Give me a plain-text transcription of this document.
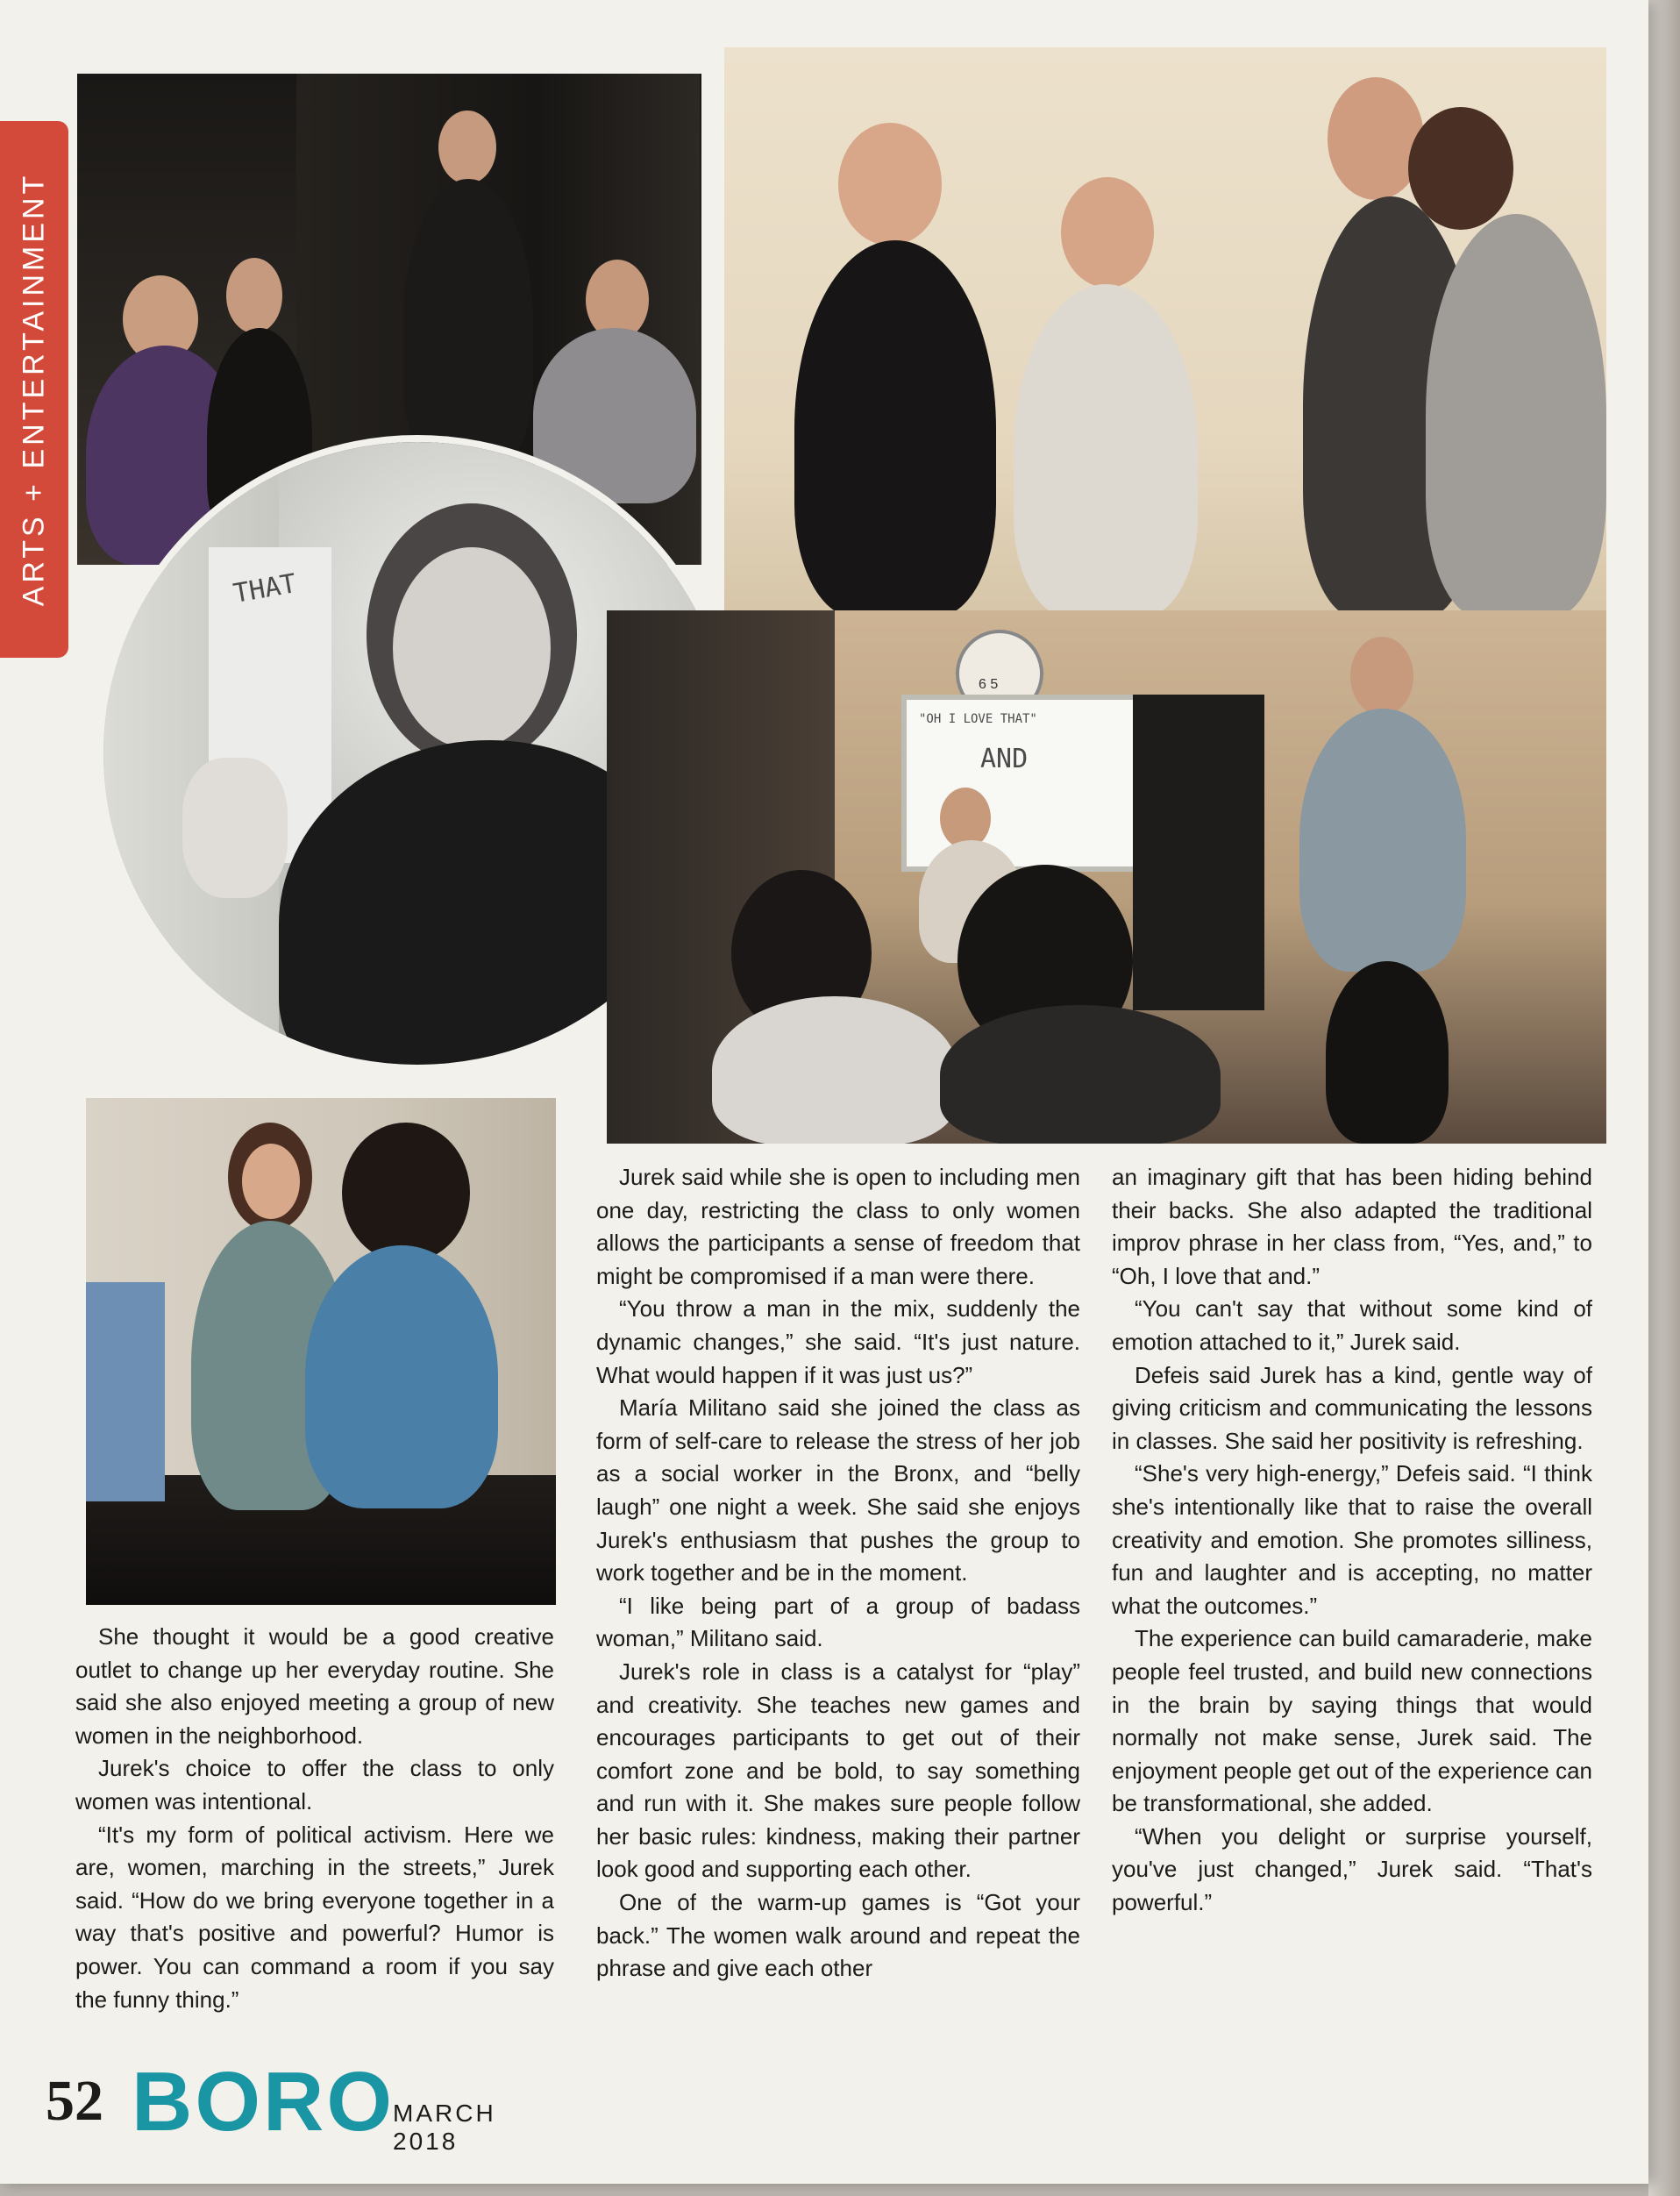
ARTS + ENTERTAINMENT	THAT
6 5
"OH I LOVE THAT"
AND

She thought it would be a good creative outlet to change up her everyday routine. She said she also enjoyed meeting a group of new women in the neighborhood.

Jurek's choice to offer the class to only women was intentional.

“It's my form of political activism. Here we are, women, marching in the streets,” Jurek said. “How do we bring everyone together in a way that's positive and powerful? Humor is power. You can command a room if you say the funny thing.”

Jurek said while she is open to including men one day, restricting the class to only women allows the participants a sense of freedom that might be compromised if a man were there.

“You throw a man in the mix, suddenly the dynamic changes,” she said. “It's just nature. What would happen if it was just us?”

María Militano said she joined the class as form of self-care to release the stress of her job as a social worker in the Bronx, and “belly laugh” one night a week. She said she enjoys Jurek's enthusiasm that pushes the group to work together and be in the moment.

“I like being part of a group of badass woman,” Militano said.

Jurek's role in class is a catalyst for “play” and creativity. She teaches new games and encourages participants to get out of their comfort zone and be bold, to say something and run with it. She makes sure people follow her basic rules: kindness, making their partner look good and supporting each other.

One of the warm-up games is “Got your back.” The women walk around and repeat the phrase and give each other

an imaginary gift that has been hiding behind their backs. She also adapted the traditional improv phrase in her class from, “Yes, and,” to “Oh, I love that and.”

“You can't say that without some kind of emotion attached to it,” Jurek said.

Defeis said Jurek has a kind, gentle way of giving criticism and communicating the lessons in classes. She said her positivity is refreshing.

“She's very high-energy,” Defeis said. “I think she's intentionally like that to raise the overall creativity and emotion. She promotes silliness, fun and laughter and is accepting, no matter what the outcomes.”

The experience can build camaraderie, make people feel trusted, and build new connections in the brain by saying things that would normally not make sense, Jurek said. The enjoyment people get out of the experience can be transformational, she added.

“When you delight or surprise yourself, you've just changed,” Jurek said. “That's powerful.”

52 BORO
MARCH 2018
